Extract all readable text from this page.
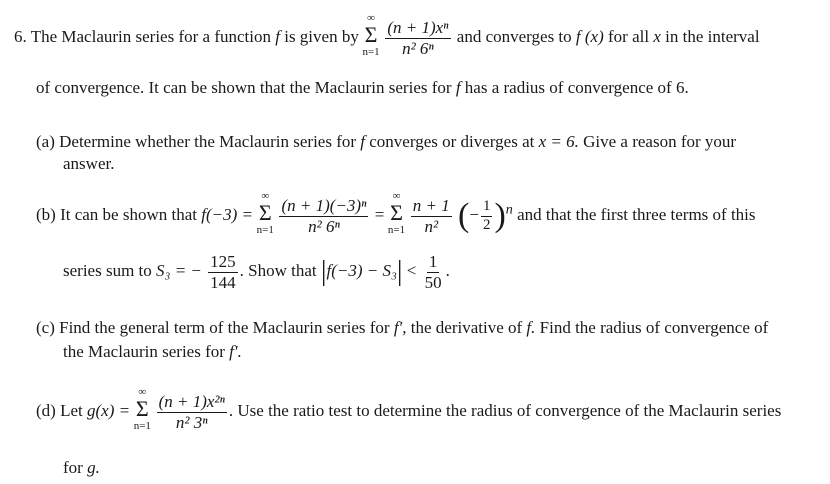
6. The Maclaurin series for a function f is given by
∞
Σ
n=1
$\frac{\text{(n + 1)xⁿ}}{\text{n² 6ⁿ}}$ and converges to f (x) for all x in the interval
of convergence. It can be shown that the Maclaurin series for f has a radius of convergence of 6.
(a) Determine whether the Maclaurin series for f converges or diverges at x = 6. Give a reason for your
answer.
(b) It can be shown that f(−3) =
∞
Σ
n=1
$\frac{\text{(n + 1)(−3)ⁿ}}{\text{n² 6ⁿ}}$ =
∞
Σ
n=1
$\frac{n + 1}{\text{n²}}$ (− $\frac{1}{2} )^n$ and that the first three terms of this
series sum to S₃ = − $\frac{125}{144}$ . Show that $|f(-3) - S_3| < \frac{1}{50}$ .
(c) Find the general term of the Maclaurin series for f′, the derivative of f. Find the radius of convergence of
the Maclaurin series for f′.
(d) Let g(x) =
∞
Σ
n=1
$\frac{\text{(n + 1)x²ⁿ}}{\text{n² 3ⁿ}}$ . Use the ratio test to determine the radius of convergence of the Maclaurin series
for g.
